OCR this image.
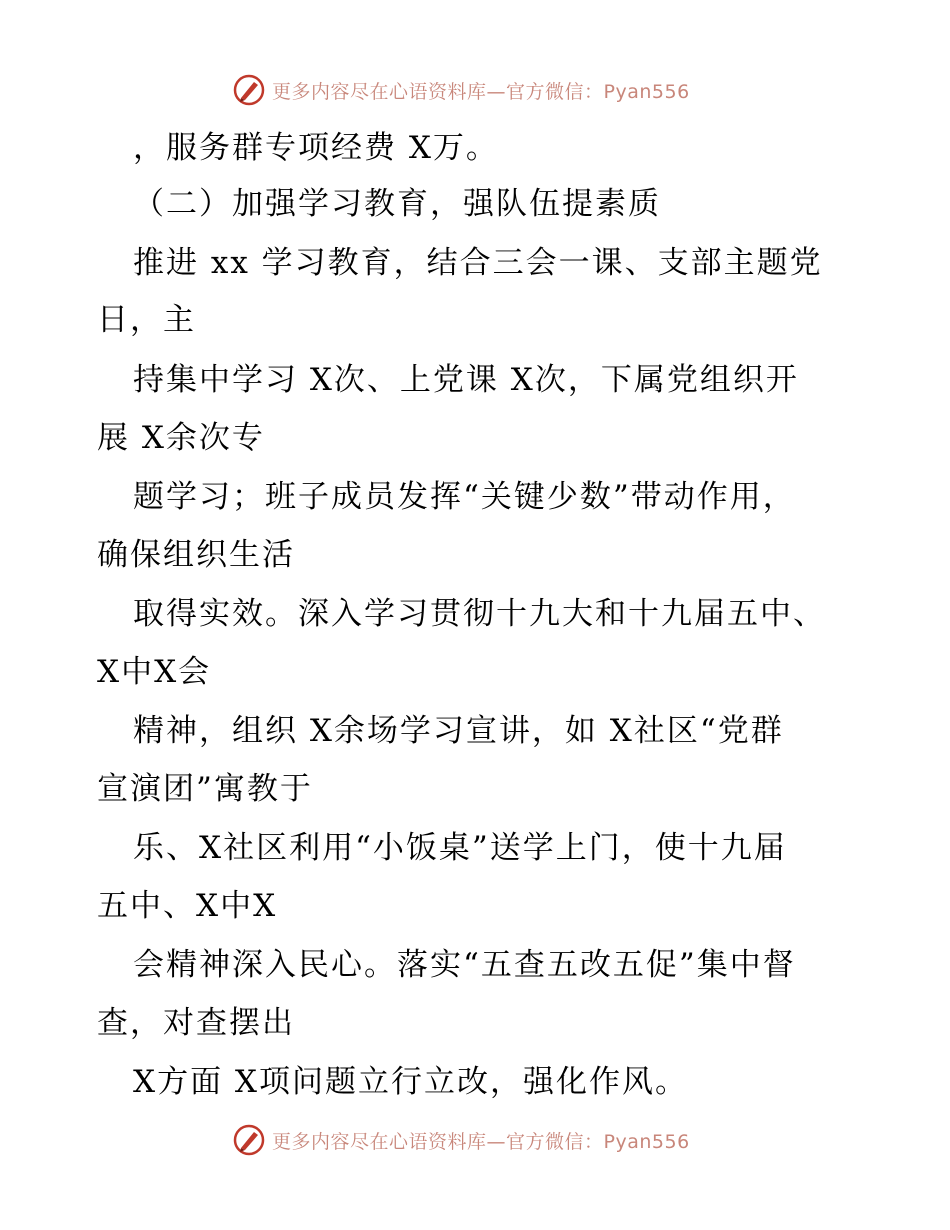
更多内容尽在心语资料库—官方微信：Pyan556
，服务群专项经费 X万。
（二）加强学习教育，强队伍提素质
推进 xx 学习教育，结合三会一课、支部主题党
日，主
持集中学习 X次、上党课 X次，下属党组织开
展 X余次专
题学习；班子成员发挥“关键少数”带动作用，
确保组织生活
取得实效。深入学习贯彻十九大和十九届五中、
X中X会
精神，组织 X余场学习宣讲，如 X社区“党群
宣演团”寓教于
乐、X社区利用“小饭桌”送学上门，使十九届
五中、X中X
会精神深入民心。落实“五查五改五促”集中督
查，对查摆出
X方面 X项问题立行立改，强化作风。
更多内容尽在心语资料库—官方微信：Pyan556
